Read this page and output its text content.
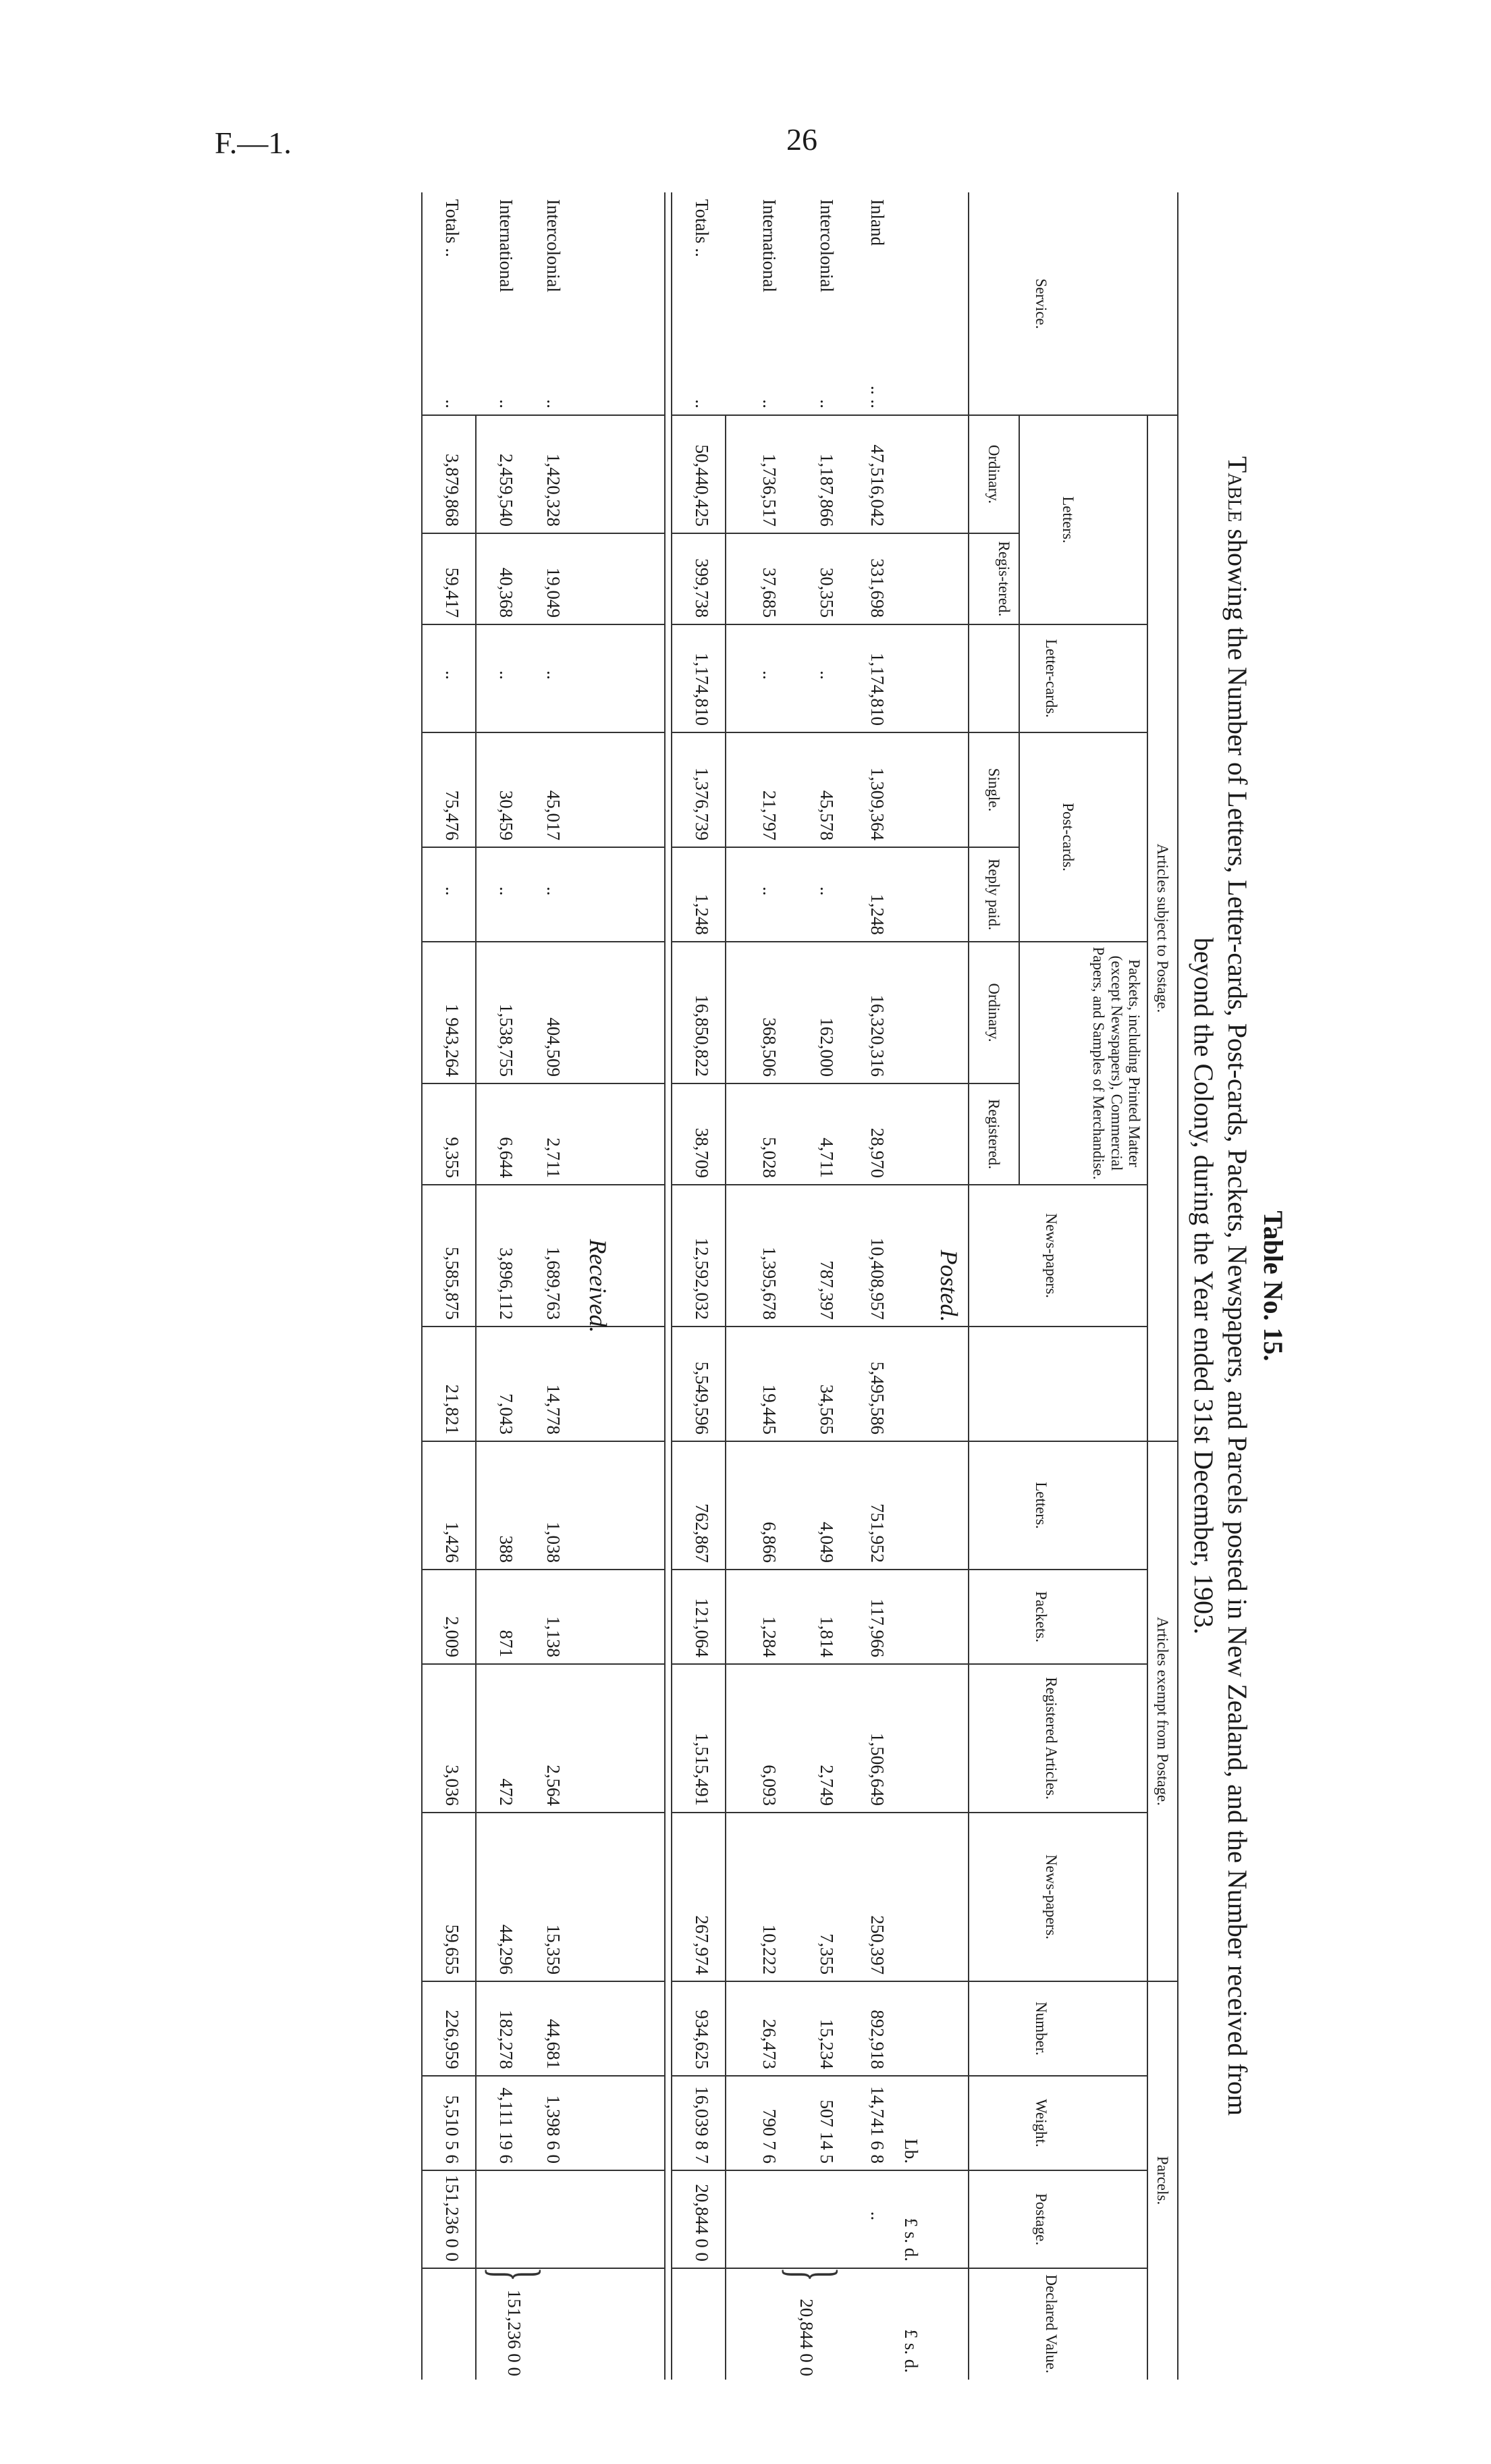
F.—1.	26
Table No. 15.
Table showing the Number of Letters, Letter-cards, Post-cards, Packets, Newspapers, and Parcels posted in New Zealand, and the Number received from
beyond the Colony, during the Year ended 31st December, 1903.
Service.
Articles subject to Postage.
Articles exempt from Postage.
Parcels.
Letters.
Ordinary.
Regis-tered.
Letter-cards.
Post-cards.
Single.
Reply paid.
Packets, including Printed Matter (except Newspapers), Commercial Papers, and Samples of Merchandise.
Ordinary.
Registered.
News-papers.
Letters.
Packets.
Registered Articles.
News-papers.
Number.
Weight.
Postage.
Declared Value.
Lb.
£ s. d.
£ s. d.
Posted.
Received.
Inland
.. ..
47,516,042
331,698
1,174,810
1,309,364
1,248
16,320,316
28,970
10,408,957
5,495,586
751,952
117,966
1,506,649
250,397
892,918
14,741 6 8
..
Intercolonial
..
1,187,866
30,355
..
45,578
..
162,000
4,711
787,397
34,565
4,049
1,814
2,749
7,355
15,234
507 14 5
International
..
1,736,517
37,685
..
21,797
..
368,506
5,028
1,395,678
19,445
6,866
1,284
6,093
10,222
26,473
790 7 6
Totals ..
..
50,440,425
399,738
1,174,810
1,376,739
1,248
16,850,822
38,709
12,592,032
5,549,596
762,867
121,064
1,515,491
267,974
934,625
16,039 8 7
20,844 0 0
Intercolonial
..
1,420,328
19,049
..
45,017
..
404,509
2,711
1,689,763
14,778
1,038
1,138
2,564
15,359
44,681
1,398 6 0
International
..
2,459,540
40,368
..
30,459
..
1,538,755
6,644
3,896,112
7,043
388
871
472
44,296
182,278
4,111 19 6
Totals ..
..
3,879,868
59,417
..
75,476
..
1 943,264
9,355
5,585,875
21,821
1,426
2,009
3,036
59,655
226,959
5,510 5 6
151,236 0 0
}
20,844 0 0
}
151,236 0 0
